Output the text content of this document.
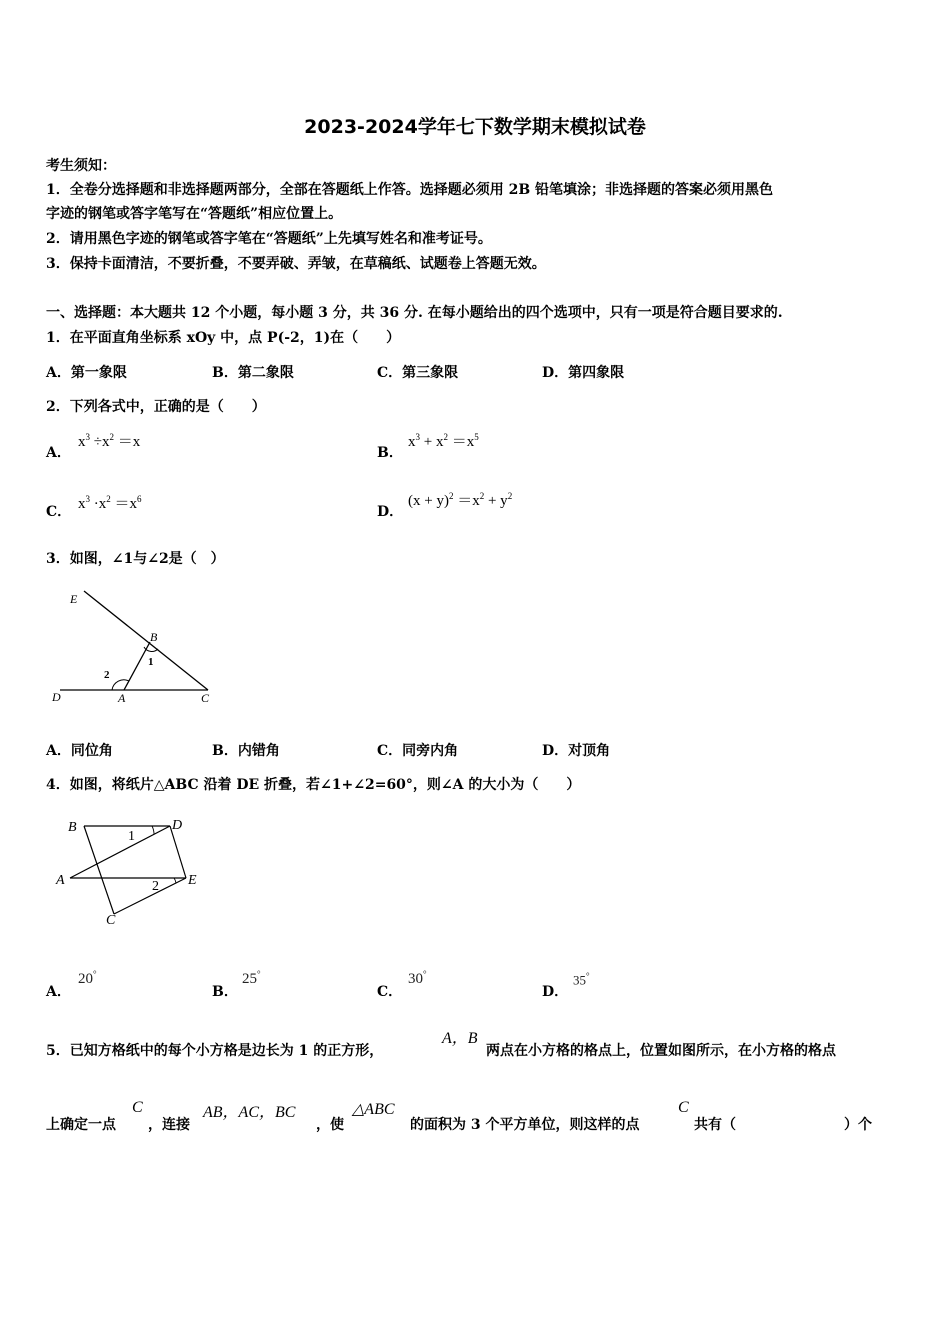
2023-2024学年七下数学期末模拟试卷
考生须知：
1．全卷分选择题和非选择题两部分，全部在答题纸上作答。选择题必须用 2B 铅笔填涂；非选择题的答案必须用黑色
字迹的钢笔或答字笔写在“答题纸”相应位置上。
2．请用黑色字迹的钢笔或答字笔在“答题纸”上先填写姓名和准考证号。
3．保持卡面清洁，不要折叠，不要弄破、弄皱，在草稿纸、试题卷上答题无效。
一、选择题：本大题共 12 个小题，每小题 3 分，共 36 分. 在每小题给出的四个选项中，只有一项是符合题目要求的.
1．在平面直角坐标系 xOy 中，点 P(-2，1)在（　　）
A．第一象限	B．第二象限	C．第三象限	D．第四象限
2．下列各式中，正确的是（　　）
A．
$x^3 \div x^2 =x$
B．
$x^3 + x^2 =x^5$
C． $x^3 \cdot x^2 =x^6$
D．
$(x + y)^2 =x^2 + y^2$
3．如图，∠1与∠2是（　）
E
B
1
2
D	A	C
A．同位角	B．内错角	C．同旁内角	D．对顶角
4．如图，将纸片△ABC 沿着 DE 折叠，若∠1+∠2=60°，则∠A 的大小为（　　）
B	D
1
A	2 E
C
A．
20°
B．
25°
C．
30°
D．
35°
5．已知方格纸中的每个小方格是边长为 1 的正方形，
A，B
两点在小方格的格点上，位置如图所示，在小方格的格点
上确定一点
C
，连接
AB，AC，BC
，使
△ABC
的面积为 3 个平方单位，则这样的点
C
共有（	）个
